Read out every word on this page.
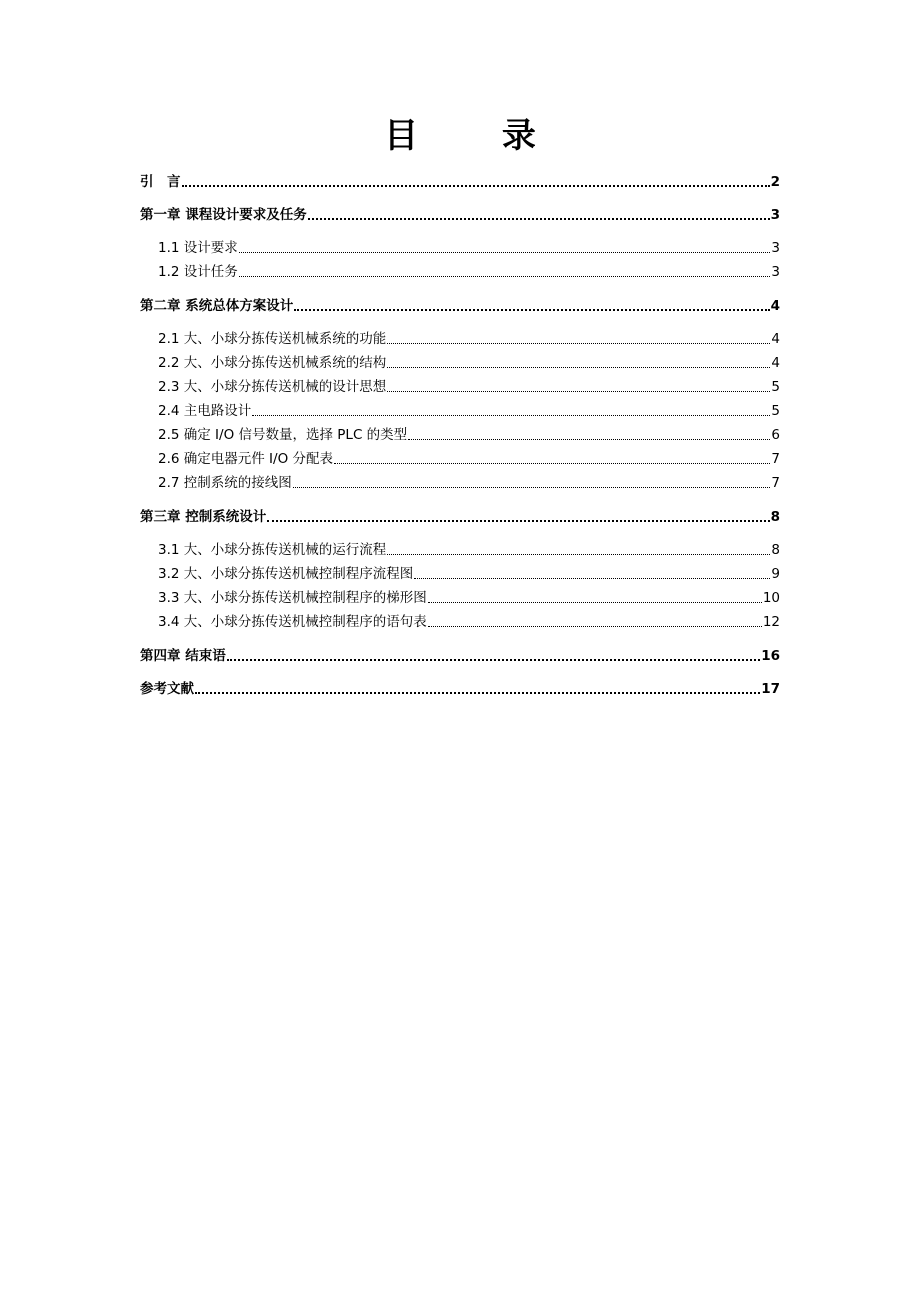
目 录
引　言	2
第一章 课程设计要求及任务	3
1.1 设计要求	3
1.2 设计任务	3
第二章 系统总体方案设计	4
2.1 大、小球分拣传送机械系统的功能	4
2.2 大、小球分拣传送机械系统的结构	4
2.3 大、小球分拣传送机械的设计思想	5
2.4 主电路设计	5
2.5 确定 I/O 信号数量，选择 PLC 的类型	6
2.6 确定电器元件 I/O 分配表	7
2.7 控制系统的接线图	7
第三章 控制系统设计	8
3.1 大、小球分拣传送机械的运行流程	8
3.2 大、小球分拣传送机械控制程序流程图	9
3.3 大、小球分拣传送机械控制程序的梯形图	10
3.4 大、小球分拣传送机械控制程序的语句表	12
第四章 结束语	16
参考文献	17
